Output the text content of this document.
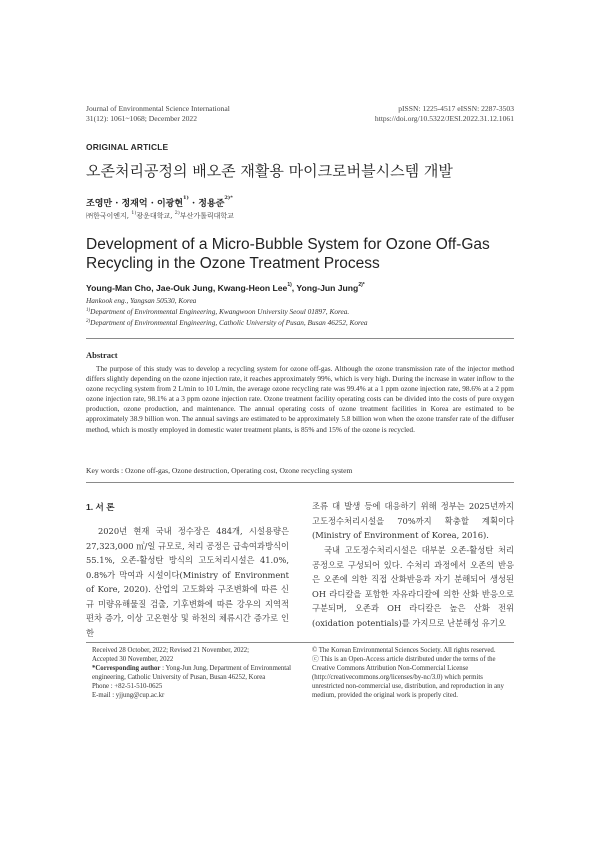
Journal of Environmental Science International
31(12): 1061~1068; December 2022
pISSN: 1225-4517 eISSN: 2287-3503
https://doi.org/10.5322/JESI.2022.31.12.1061
ORIGINAL ARTICLE
오존처리공정의 배오존 재활용 마이크로버블시스템 개발
조영만 · 정재억 · 이광현$^{1)}$ · 정용준$^{2)*}$
㈜한국이엔지, $^{1)}$광운대학교, $^{2)}$부산가톨릭대학교
Development of a Micro-Bubble System for Ozone Off-Gas Recycling in the Ozone Treatment Process
Young-Man Cho, Jae-Ouk Jung, Kwang-Heon Lee$^{1)}$, Yong-Jun Jung$^{2)*}$
Hankook eng., Yangsan 50530, Korea
$^{1)}$Department of Environmental Engineering, Kwangwoon University Seoul 01897, Korea.
$^{2)}$Department of Environmental Engineering, Catholic University of Pusan, Busan 46252, Korea
Abstract
The purpose of this study was to develop a recycling system for ozone off-gas. Although the ozone transmission rate of the injector method differs slightly depending on the ozone injection rate, it reaches approximately 99%, which is very high. During the increase in water inflow to the ozone recycling system from 2 L/min to 10 L/min, the average ozone recycling rate was 99.4% at a 1 ppm ozone injection rate, 98.6% at a 2 ppm ozone injection rate, 98.1% at a 3 ppm ozone injection rate. Ozone treatment facility operating costs can be divided into the costs of pure oxygen production, ozone production, and maintenance. The annual operating costs of ozone treatment facilities in Korea are estimated to be approximately 38.9 billion won. The annual savings are estimated to be approximately 5.8 billion won when the ozone transfer rate of the diffuser method, which is mostly employed in domestic water treatment plants, is 85% and 15% of the ozone is recycled.
Key words : Ozone off-gas, Ozone destruction, Operating cost, Ozone recycling system
1. 서 론
2020년 현재 국내 정수장은 484개, 시설용량은 27,323,000 ㎥/일 규모로, 처리 공정은 급속여과방식이 55.1%, 오존-활성탄 방식의 고도처리시설은 41.0%, 0.8%가 막여과 시설이다(Ministry of Environment of Kore, 2020). 산업의 고도화와 구조변화에 따른 신규 미량유해물질 검출, 기후변화에 따른 강우의 지역적 편차 증가, 이상 고온현상 및 하천의 체류시간 증가로 인한
조류 대 발생 등에 대응하기 위해 정부는 2025년까지 고도정수처리시설을 70%까지 확충할 계획이다(Ministry of Environment of Korea, 2016).
국내 고도정수처리시설은 대부분 오존-활성탄 처리 공정으로 구성되어 있다. 수처리 과정에서 오존의 반응은 오존에 의한 직접 산화반응과 자기 분해되어 생성된 OH 라디칼을 포함한 자유라디칼에 의한 산화 반응으로 구분되며, 오존과 OH 라디칼은 높은 산화 전위(oxidation potentials)를 가지므로 난분해성 유기오
Received 28 October, 2022; Revised 21 November, 2022;
Accepted 30 November, 2022
*Corresponding author : Yong-Jun Jung, Department of Environmental engineering, Catholic University of Pusan, Busan 46252, Korea
Phone : +82-51-510-0625
E-mail : yjjung@cup.ac.kr
© The Korean Environmental Sciences Society. All rights reserved.
ⓒ This is an Open-Access article distributed under the terms of the Creative Commons Attribution Non-Commercial License (http://creativecommons.org/licenses/by-nc/3.0) which permits unrestricted non-commercial use, distribution, and reproduction in any medium, provided the original work is properly cited.
